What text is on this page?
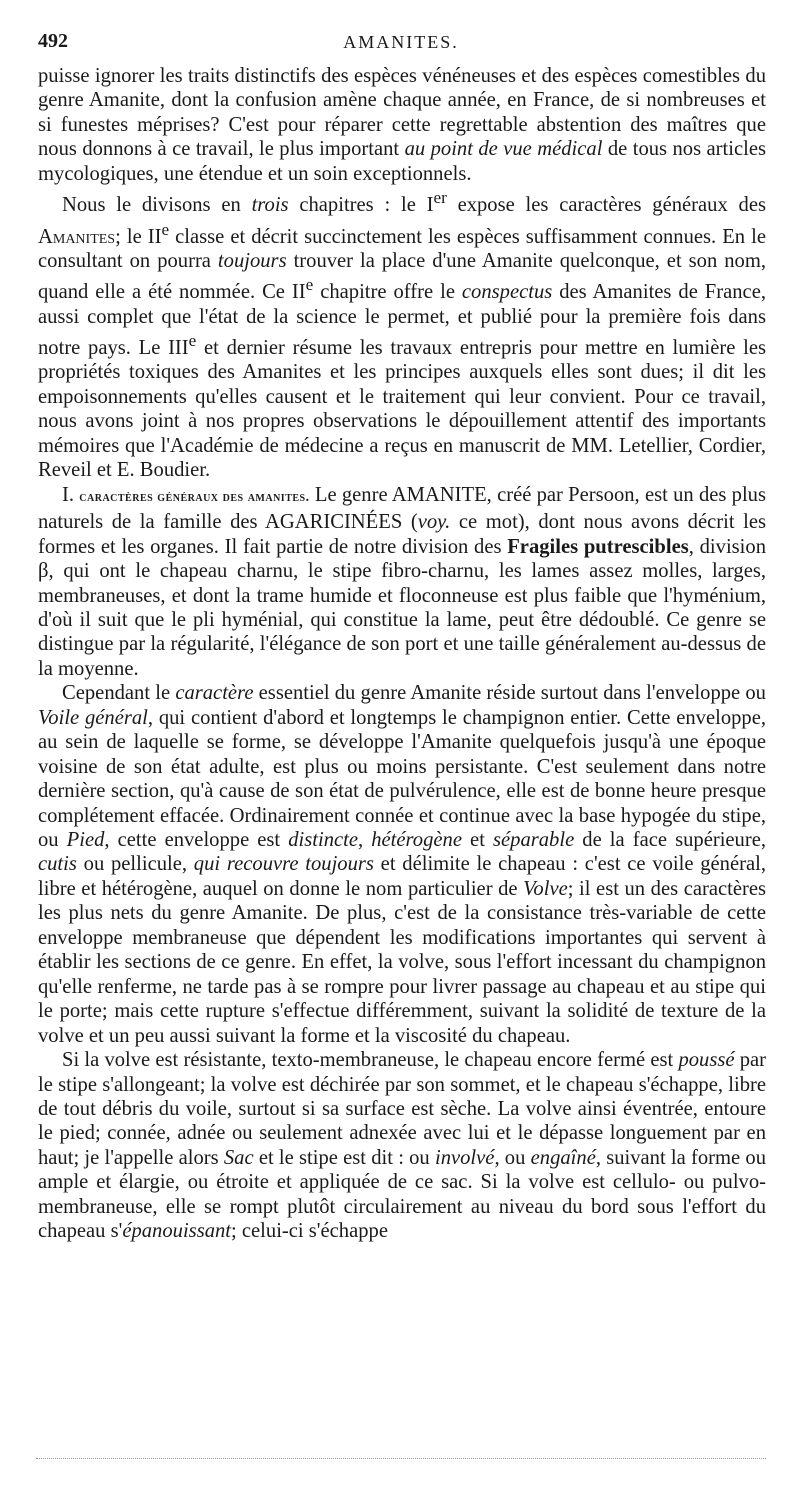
492	AMANITES.

puisse ignorer les traits distinctifs des espèces vénéneuses et des espèces comestibles du genre Amanite, dont la confusion amène chaque année, en France, de si nombreuses et si funestes méprises? C'est pour réparer cette regrettable abstention des maîtres que nous donnons à ce travail, le plus important au point de vue médical de tous nos articles mycologiques, une étendue et un soin exceptionnels.

Nous le divisons en trois chapitres : le Ier expose les caractères généraux des Amanites; le IIe classe et décrit succinctement les espèces suffisamment connues. En le consultant on pourra toujours trouver la place d'une Amanite quelconque, et son nom, quand elle a été nommée. Ce IIe chapitre offre le conspectus des Amanites de France, aussi complet que l'état de la science le permet, et publié pour la première fois dans notre pays. Le IIIe et dernier résume les travaux entrepris pour mettre en lumière les propriétés toxiques des Amanites et les principes auxquels elles sont dues; il dit les empoisonnements qu'elles causent et le traitement qui leur convient. Pour ce travail, nous avons joint à nos propres observations le dépouillement attentif des importants mémoires que l'Académie de médecine a reçus en manuscrit de MM. Letellier, Cordier, Reveil et E. Boudier.

I. caractères généraux des amanites. Le genre AMANITE, créé par Persoon, est un des plus naturels de la famille des AGARICINÉES (voy. ce mot), dont nous avons décrit les formes et les organes. Il fait partie de notre division des Fragiles putrescibles, division β, qui ont le chapeau charnu, le stipe fibro-charnu, les lames assez molles, larges, membraneuses, et dont la trame humide et floconneuse est plus faible que l'hyménium, d'où il suit que le pli hyménial, qui constitue la lame, peut être dédoublé. Ce genre se distingue par la régularité, l'élégance de son port et une taille généralement au-dessus de la moyenne.

Cependant le caractère essentiel du genre Amanite réside surtout dans l'enveloppe ou Voile général, qui contient d'abord et longtemps le champignon entier. Cette enveloppe, au sein de laquelle se forme, se développe l'Amanite quelquefois jusqu'à une époque voisine de son état adulte, est plus ou moins persistante. C'est seulement dans notre dernière section, qu'à cause de son état de pulvérulence, elle est de bonne heure presque complétement effacée. Ordinairement connée et continue avec la base hypogée du stipe, ou Pied, cette enveloppe est distincte, hétérogène et séparable de la face supérieure, cutis ou pellicule, qui recouvre toujours et délimite le chapeau : c'est ce voile général, libre et hétérogène, auquel on donne le nom particulier de Volve; il est un des caractères les plus nets du genre Amanite. De plus, c'est de la consistance très-variable de cette enveloppe membraneuse que dépendent les modifications importantes qui servent à établir les sections de ce genre. En effet, la volve, sous l'effort incessant du champignon qu'elle renferme, ne tarde pas à se rompre pour livrer passage au chapeau et au stipe qui le porte; mais cette rupture s'effectue différemment, suivant la solidité de texture de la volve et un peu aussi suivant la forme et la viscosité du chapeau.

Si la volve est résistante, texto-membraneuse, le chapeau encore fermé est poussé par le stipe s'allongeant; la volve est déchirée par son sommet, et le chapeau s'échappe, libre de tout débris du voile, surtout si sa surface est sèche. La volve ainsi éventrée, entoure le pied; connée, adnée ou seulement adnexée avec lui et le dépasse longuement par en haut; je l'appelle alors Sac et le stipe est dit : ou involvé, ou engaîné, suivant la forme ou ample et élargie, ou étroite et appliquée de ce sac. Si la volve est cellulo- ou pulvo-membraneuse, elle se rompt plutôt circulairement au niveau du bord sous l'effort du chapeau s'épanouissant; celui-ci s'échappe
